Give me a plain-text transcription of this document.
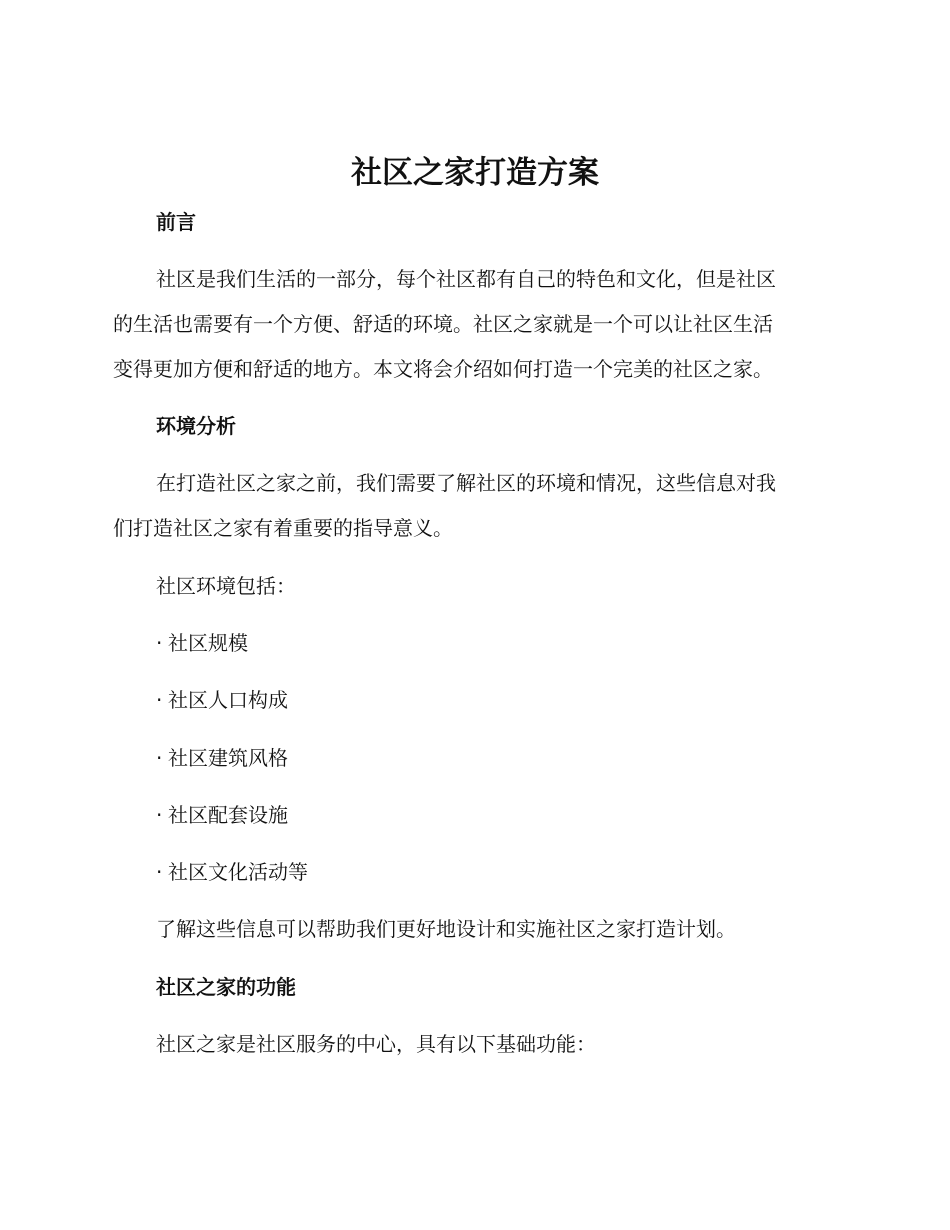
社区之家打造方案

前言

社区是我们生活的一部分，每个社区都有自己的特色和文化，但是社区

的生活也需要有一个方便、舒适的环境。社区之家就是一个可以让社区生活

变得更加方便和舒适的地方。本文将会介绍如何打造一个完美的社区之家。

环境分析

在打造社区之家之前，我们需要了解社区的环境和情况，这些信息对我

们打造社区之家有着重要的指导意义。

社区环境包括：

· 社区规模

· 社区人口构成

· 社区建筑风格

· 社区配套设施

· 社区文化活动等

了解这些信息可以帮助我们更好地设计和实施社区之家打造计划。

社区之家的功能

社区之家是社区服务的中心，具有以下基础功能：
